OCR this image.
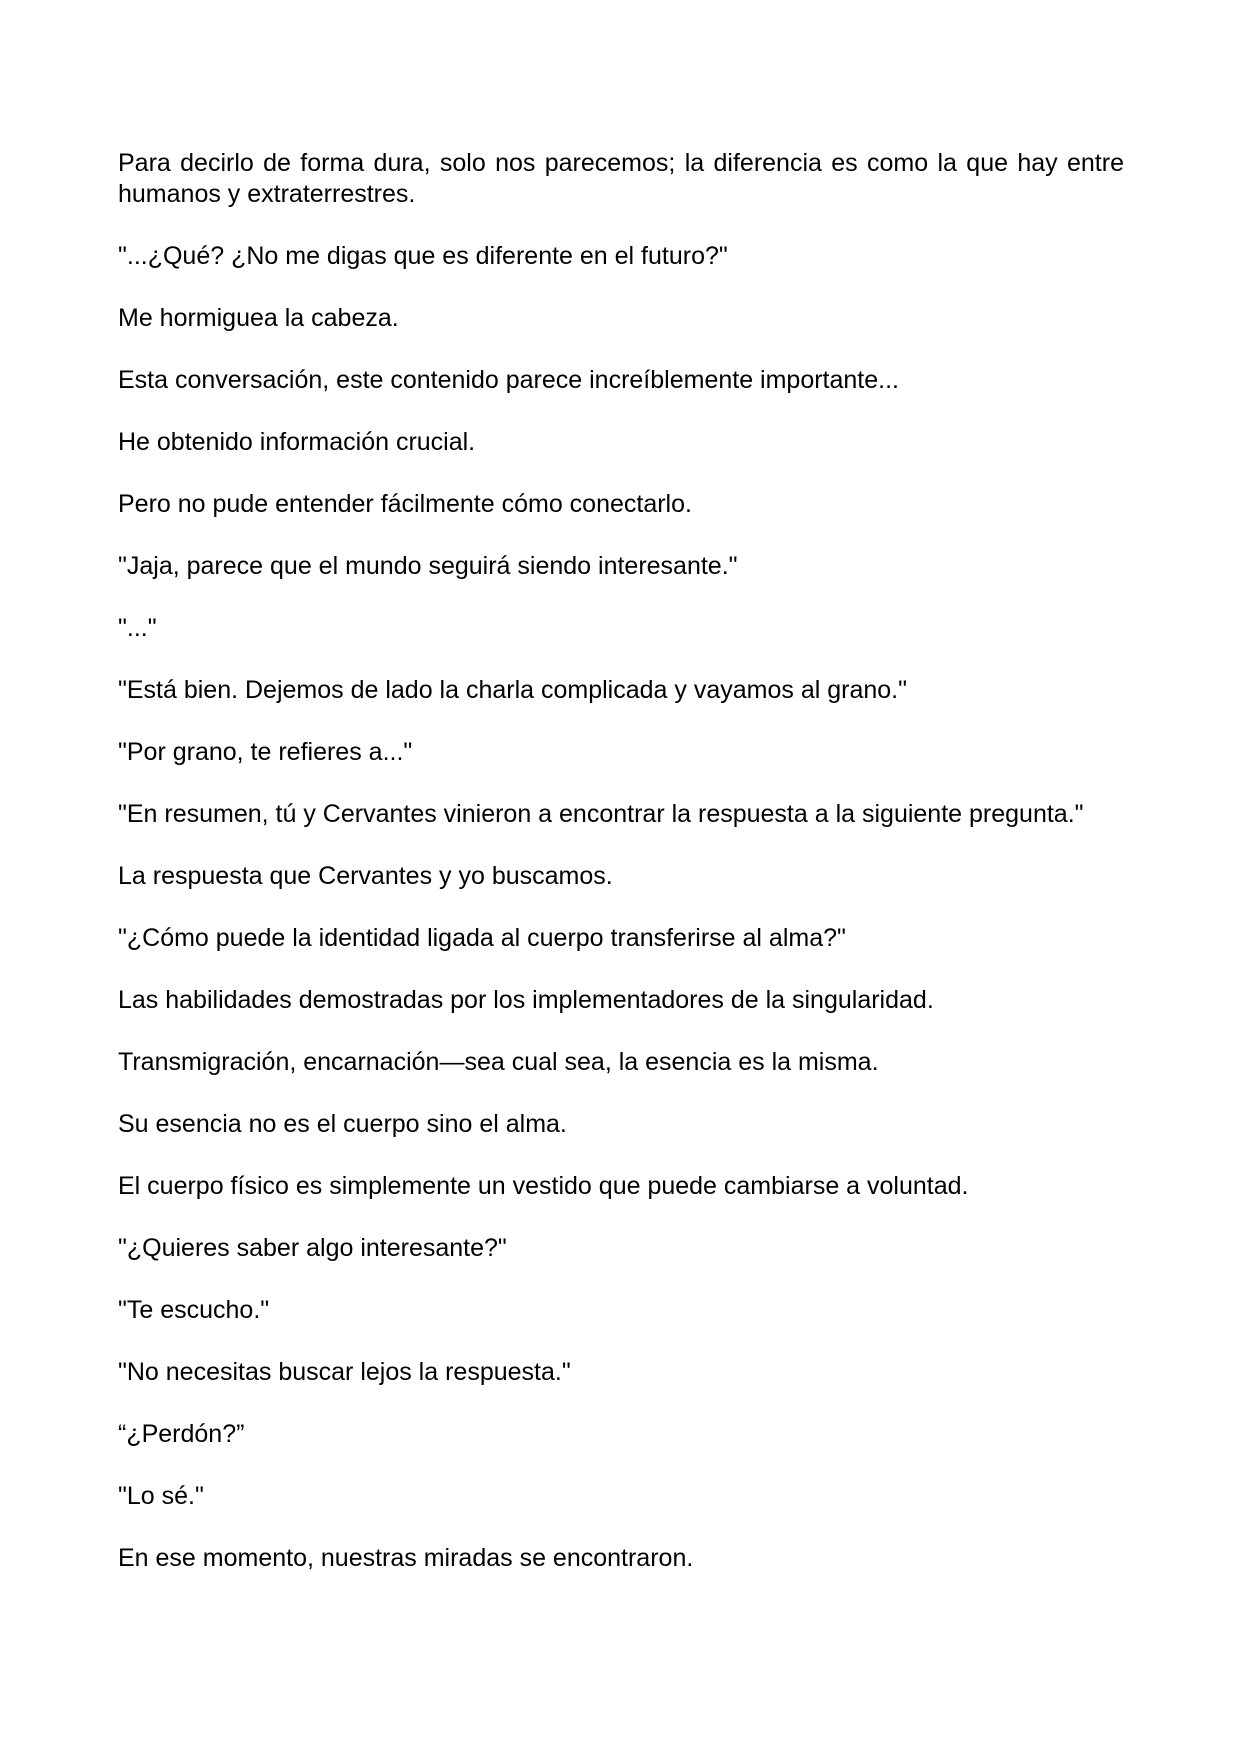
Para decirlo de forma dura, solo nos parecemos; la diferencia es como la que hay entre humanos y extraterrestres.

"...¿Qué? ¿No me digas que es diferente en el futuro?"

Me hormiguea la cabeza.

Esta conversación, este contenido parece increíblemente importante...

He obtenido información crucial.

Pero no pude entender fácilmente cómo conectarlo.

"Jaja, parece que el mundo seguirá siendo interesante."

"..."

"Está bien. Dejemos de lado la charla complicada y vayamos al grano."

"Por grano, te refieres a..."

"En resumen, tú y Cervantes vinieron a encontrar la respuesta a la siguiente pregunta."

La respuesta que Cervantes y yo buscamos.

"¿Cómo puede la identidad ligada al cuerpo transferirse al alma?"

Las habilidades demostradas por los implementadores de la singularidad.

Transmigración, encarnación—sea cual sea, la esencia es la misma.

Su esencia no es el cuerpo sino el alma.

El cuerpo físico es simplemente un vestido que puede cambiarse a voluntad.

"¿Quieres saber algo interesante?"

"Te escucho."

"No necesitas buscar lejos la respuesta."

“¿Perdón?”

"Lo sé."

En ese momento, nuestras miradas se encontraron.
